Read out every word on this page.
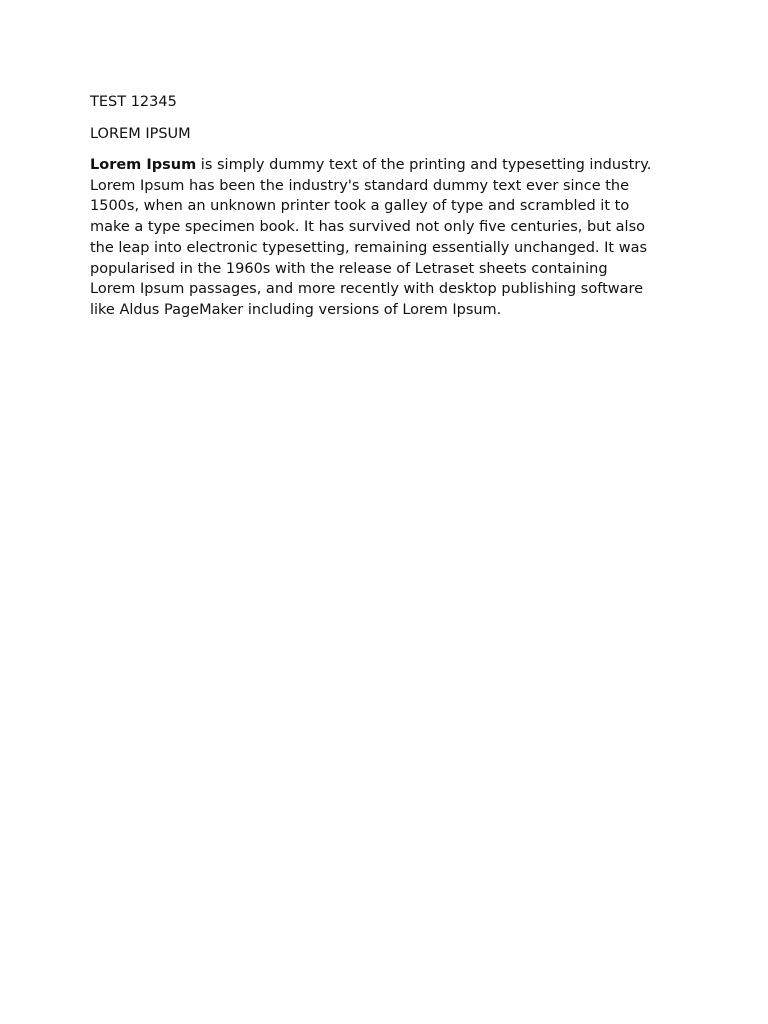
TEST 12345

LOREM IPSUM

Lorem Ipsum is simply dummy text of the printing and typesetting industry.
Lorem Ipsum has been the industry's standard dummy text ever since the
1500s, when an unknown printer took a galley of type and scrambled it to
make a type specimen book. It has survived not only five centuries, but also
the leap into electronic typesetting, remaining essentially unchanged. It was
popularised in the 1960s with the release of Letraset sheets containing
Lorem Ipsum passages, and more recently with desktop publishing software
like Aldus PageMaker including versions of Lorem Ipsum.
